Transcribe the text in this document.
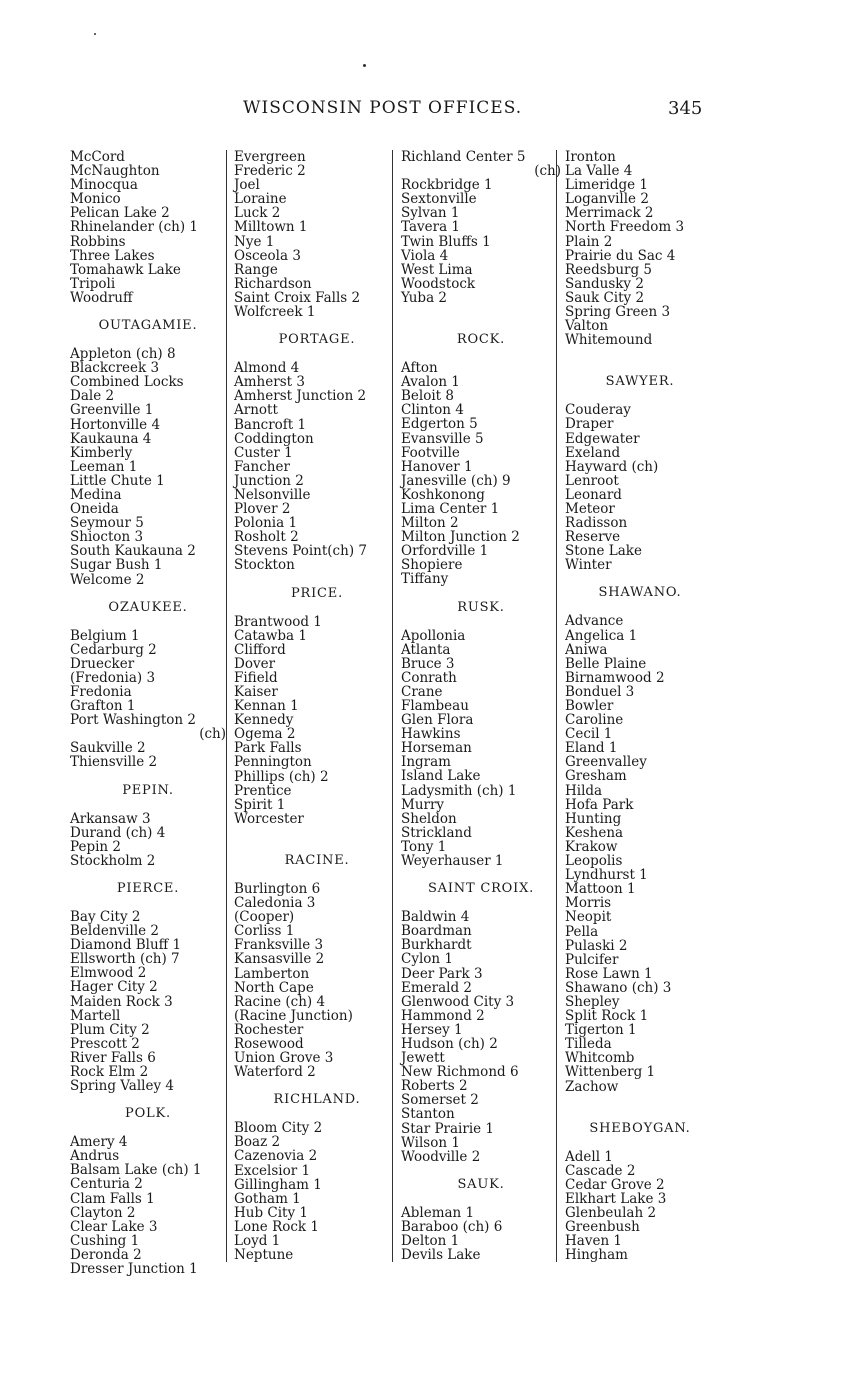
WISCONSIN POST OFFICES.	345
McCord
McNaughton
Minocqua
Monico
Pelican Lake 2
Rhinelander (ch) 1
Robbins
Three Lakes
Tomahawk Lake
Tripoli
Woodruff
OUTAGAMIE.
Appleton (ch) 8
Blackcreek 3
Combined Locks
Dale 2
Greenville 1
Hortonville 4
Kaukauna 4
Kimberly
Leeman 1
Little Chute 1
Medina
Oneida
Seymour 5
Shiocton 3
South Kaukauna 2
Sugar Bush 1
Welcome 2
OZAUKEE.
Belgium 1
Cedarburg 2
Druecker
(Fredonia) 3
Fredonia
Grafton 1
Port Washington 2
(ch)
Saukville 2
Thiensville 2
PEPIN.
Arkansaw 3
Durand (ch) 4
Pepin 2
Stockholm 2
PIERCE.
Bay City 2
Beldenville 2
Diamond Bluff 1
Ellsworth (ch) 7
Elmwood 2
Hager City 2
Maiden Rock 3
Martell
Plum City 2
Prescott 2
River Falls 6
Rock Elm 2
Spring Valley 4
POLK.
Amery 4
Andrus
Balsam Lake (ch) 1
Centuria 2
Clam Falls 1
Clayton 2
Clear Lake 3
Cushing 1
Deronda 2
Dresser Junction 1
Evergreen
Frederic 2
Joel
Loraine
Luck 2
Milltown 1
Nye 1
Osceola 3
Range
Richardson
Saint Croix Falls 2
Wolfcreek 1
PORTAGE.
Almond 4
Amherst 3
Amherst Junction 2
Arnott
Bancroft 1
Coddington
Custer 1
Fancher
Junction 2
Nelsonville
Plover 2
Polonia 1
Rosholt 2
Stevens Point(ch) 7
Stockton
PRICE.
Brantwood 1
Catawba 1
Clifford
Dover
Fifield
Kaiser
Kennan 1
Kennedy
Ogema 2
Park Falls
Pennington
Phillips (ch) 2
Prentice
Spirit 1
Worcester
RACINE.
Burlington 6
Caledonia 3
(Cooper)
Corliss 1
Franksville 3
Kansasville 2
Lamberton
North Cape
Racine (ch) 4
(Racine Junction)
Rochester
Rosewood
Union Grove 3
Waterford 2
RICHLAND.
Bloom City 2
Boaz 2
Cazenovia 2
Excelsior 1
Gillingham 1
Gotham 1
Hub City 1
Lone Rock 1
Loyd 1
Neptune
Richland Center 5
(ch)
Rockbridge 1
Sextonville
Sylvan 1
Tavera 1
Twin Bluffs 1
Viola 4
West Lima
Woodstock
Yuba 2
ROCK.
Afton
Avalon 1
Beloit 8
Clinton 4
Edgerton 5
Evansville 5
Footville
Hanover 1
Janesville (ch) 9
Koshkonong
Lima Center 1
Milton 2
Milton Junction 2
Orfordville 1
Shopiere
Tiffany
RUSK.
Apollonia
Atlanta
Bruce 3
Conrath
Crane
Flambeau
Glen Flora
Hawkins
Horseman
Ingram
Island Lake
Ladysmith (ch) 1
Murry
Sheldon
Strickland
Tony 1
Weyerhauser 1
SAINT CROIX.
Baldwin 4
Boardman
Burkhardt
Cylon 1
Deer Park 3
Emerald 2
Glenwood City 3
Hammond 2
Hersey 1
Hudson (ch) 2
Jewett
New Richmond 6
Roberts 2
Somerset 2
Stanton
Star Prairie 1
Wilson 1
Woodville 2
SAUK.
Ableman 1
Baraboo (ch) 6
Delton 1
Devils Lake
Ironton
La Valle 4
Limeridge 1
Loganville 2
Merrimack 2
North Freedom 3
Plain 2
Prairie du Sac 4
Reedsburg 5
Sandusky 2
Sauk City 2
Spring Green 3
Valton
Whitemound
SAWYER.
Couderay
Draper
Edgewater
Exeland
Hayward (ch)
Lenroot
Leonard
Meteor
Radisson
Reserve
Stone Lake
Winter
SHAWANO.
Advance
Angelica 1
Aniwa
Belle Plaine
Birnamwood 2
Bonduel 3
Bowler
Caroline
Cecil 1
Eland 1
Greenvalley
Gresham
Hilda
Hofa Park
Hunting
Keshena
Krakow
Leopolis
Lyndhurst 1
Mattoon 1
Morris
Neopit
Pella
Pulaski 2
Pulcifer
Rose Lawn 1
Shawano (ch) 3
Shepley
Split Rock 1
Tigerton 1
Tilleda
Whitcomb
Wittenberg 1
Zachow
SHEBOYGAN.
Adell 1
Cascade 2
Cedar Grove 2
Elkhart Lake 3
Glenbeulah 2
Greenbush
Haven 1
Hingham
